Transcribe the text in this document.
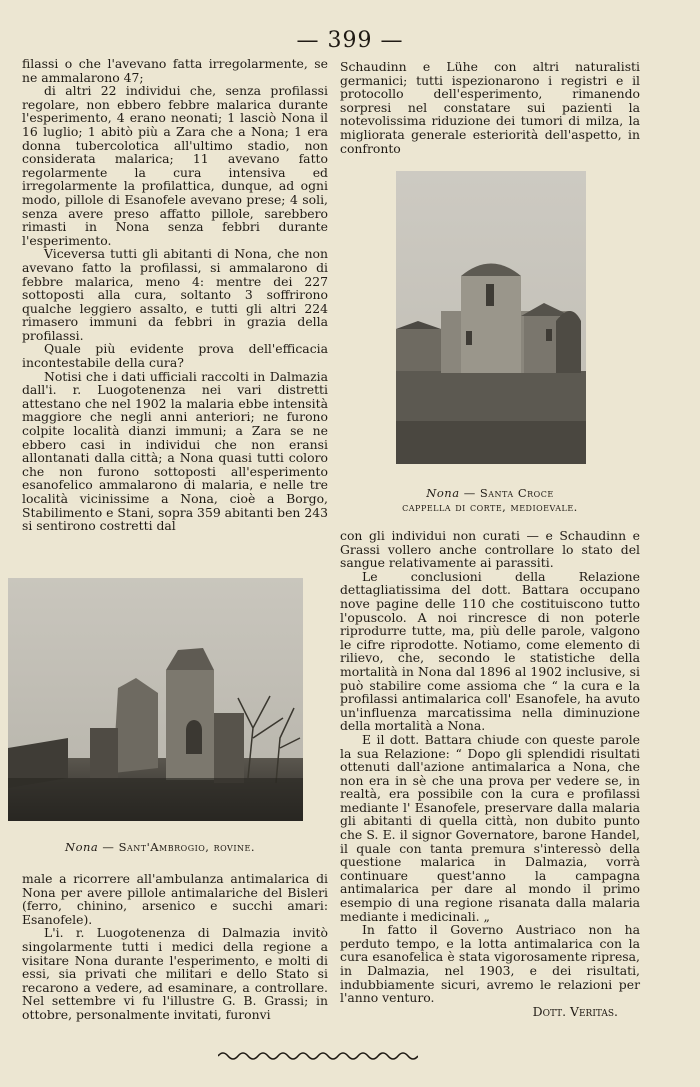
— 399 —

filassi o che l'avevano fatta irregolarmente, se ne ammalarono 47;

di altri 22 individui che, senza profilassi regolare, non ebbero febbre malarica durante l'esperimento, 4 erano neonati; 1 lasciò Nona il 16 luglio; 1 abitò più a Zara che a Nona; 1 era donna tubercolotica all'ultimo stadio, non considerata malarica; 11 avevano fatto regolarmente la cura intensiva ed irregolarmente la profilattica, dunque, ad ogni modo, pillole di Esanofele avevano prese; 4 soli, senza avere preso affatto pillole, sarebbero rimasti in Nona senza febbri durante l'esperimento.

Viceversa tutti gli abitanti di Nona, che non avevano fatto la profilassi, si ammalarono di febbre malarica, meno 4: mentre dei 227 sottoposti alla cura, soltanto 3 soffrirono qualche leggiero assalto, e tutti gli altri 224 rimasero immuni da febbri in grazia della profilassi.

Quale più evidente prova dell'efficacia incontestabile della cura?

Notisi che i dati ufficiali raccolti in Dalmazia dall'i. r. Luogotenenza nei vari distretti attestano che nel 1902 la malaria ebbe intensità maggiore che negli anni anteriori; ne furono colpite località dianzi immuni; a Zara se ne ebbero casi in individui che non eransi allontanati dalla città; a Nona quasi tutti coloro che non furono sottoposti all'esperimento esanofelico ammalarono di malaria, e nelle tre località vicinissime a Nona, cioè a Borgo, Stabilimento e Stani, sopra 359 abitanti ben 243 si sentirono costretti dal

Nona — Sant'Ambrogio, rovine.

male a ricorrere all'ambulanza antimalarica di Nona per avere pillole antimalariche del Bisleri (ferro, chinino, arsenico e succhi amari: Esanofele).

L'i. r. Luogotenenza di Dalmazia invitò singolarmente tutti i medici della regione a visitare Nona durante l'esperimento, e molti di essi, sia privati che militari e dello Stato si recarono a vedere, ad esaminare, a controllare. Nel settembre vi fu l'illustre G. B. Grassi; in ottobre, personalmente invitati, furonvi

Schaudinn e Lühe con altri naturalisti germanici; tutti ispezionarono i registri e il protocollo dell'esperimento, rimanendo sorpresi nel constatare sui pazienti la notevolissima riduzione dei tumori di milza, la migliorata generale esteriorità dell'aspetto, in confronto

Nona — Santa Croce
cappella di corte, medioevale.

con gli individui non curati — e Schaudinn e Grassi vollero anche controllare lo stato del sangue relativamente ai parassiti.

Le conclusioni della Relazione dettagliatissima del dott. Battara occupano nove pagine delle 110 che costituiscono tutto l'opuscolo. A noi rincresce di non poterle riprodurre tutte, ma, più delle parole, valgono le cifre riprodotte. Notiamo, come elemento di rilievo, che, secondo le statistiche della mortalità in Nona dal 1896 al 1902 inclusive, si può stabilire come assioma che “ la cura e la profilassi antimalarica coll' Esanofele, ha avuto un'influenza marcatissima nella diminuzione della mortalità a Nona.

E il dott. Battara chiude con queste parole la sua Relazione: “ Dopo gli splendidi risultati ottenuti dall'azione antimalarica a Nona, che non era in sè che una prova per vedere se, in realtà, era possibile con la cura e profilassi mediante l' Esanofele, preservare dalla malaria gli abitanti di quella città, non dubito punto che S. E. il signor Governatore, barone Handel, il quale con tanta premura s'interessò della questione malarica in Dalmazia, vorrà continuare quest'anno la campagna antimalarica per dare al mondo il primo esempio di una regione risanata dalla malaria mediante i medicinali. „

In fatto il Governo Austriaco non ha perduto tempo, e la lotta antimalarica con la cura esanofelica è stata vigorosamente ripresa, in Dalmazia, nel 1903, e dei risultati, indubbiamente sicuri, avremo le relazioni per l'anno venturo.

Dott. Veritas.
